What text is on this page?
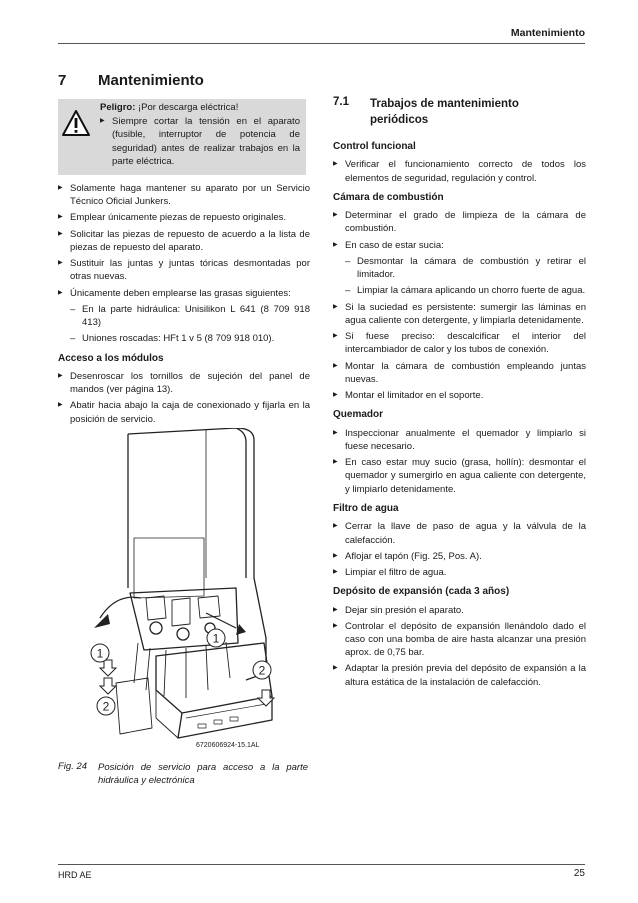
Mantenimiento
HRD AE	25
7 Mantenimiento
Peligro: ¡Por descarga eléctrica!
▶ Siempre cortar la tensión en el aparato (fusible, interruptor de potencia de seguridad) antes de realizar trabajos en la parte eléctrica.
▶ Solamente haga mantener su aparato por un Servicio Técnico Oficial Junkers.
▶ Emplear únicamente piezas de repuesto originales.
▶ Solicitar las piezas de repuesto de acuerdo a la lista de piezas de repuesto del aparato.
▶ Sustituir las juntas y juntas tóricas desmontadas por otras nuevas.
▶ Únicamente deben emplearse las grasas siguientes:
– En la parte hidráulica: Unisilikon L 641 (8 709 918 413)
– Uniones roscadas: HFt 1 v 5 (8 709 918 010).
Acceso a los módulos
▶ Desenroscar los tornillos de sujeción del panel de mandos (ver página 13).
▶ Abatir hacia abajo la caja de conexionado y fijarla en la posición de servicio.
1
1
2
2
6720606924-15.1AL
Fig. 24 Posición de servicio para acceso a la parte hidráulica y electrónica
7.1 Trabajos de mantenimiento periódicos
Control funcional
▶ Verificar el funcionamiento correcto de todos los elementos de seguridad, regulación y control.
Cámara de combustión
▶ Determinar el grado de limpieza de la cámara de combustión.
▶ En caso de estar sucia:
– Desmontar la cámara de combustión y retirar el limitador.
– Limpiar la cámara aplicando un chorro fuerte de agua.
▶ Si la suciedad es persistente: sumergir las láminas en agua caliente con detergente, y limpiarla detenidamente.
▶ Si fuese preciso: descalcificar el interior del intercambiador de calor y los tubos de conexión.
▶ Montar la cámara de combustión empleando juntas nuevas.
▶ Montar el limitador en el soporte.
Quemador
▶ Inspeccionar anualmente el quemador y limpiarlo si fuese necesario.
▶ En caso estar muy sucio (grasa, hollín): desmontar el quemador y sumergirlo en agua caliente con detergente, y limpiarlo detenidamente.
Filtro de agua
▶ Cerrar la llave de paso de agua y la válvula de la calefacción.
▶ Aflojar el tapón (Fig. 25, Pos. A).
▶ Limpiar el filtro de agua.
Depósito de expansión (cada 3 años)
▶ Dejar sin presión el aparato.
▶ Controlar el depósito de expansión llenándolo dado el caso con una bomba de aire hasta alcanzar una presión aprox. de 0,75 bar.
▶ Adaptar la presión previa del depósito de expansión a la altura estática de la instalación de calefacción.
